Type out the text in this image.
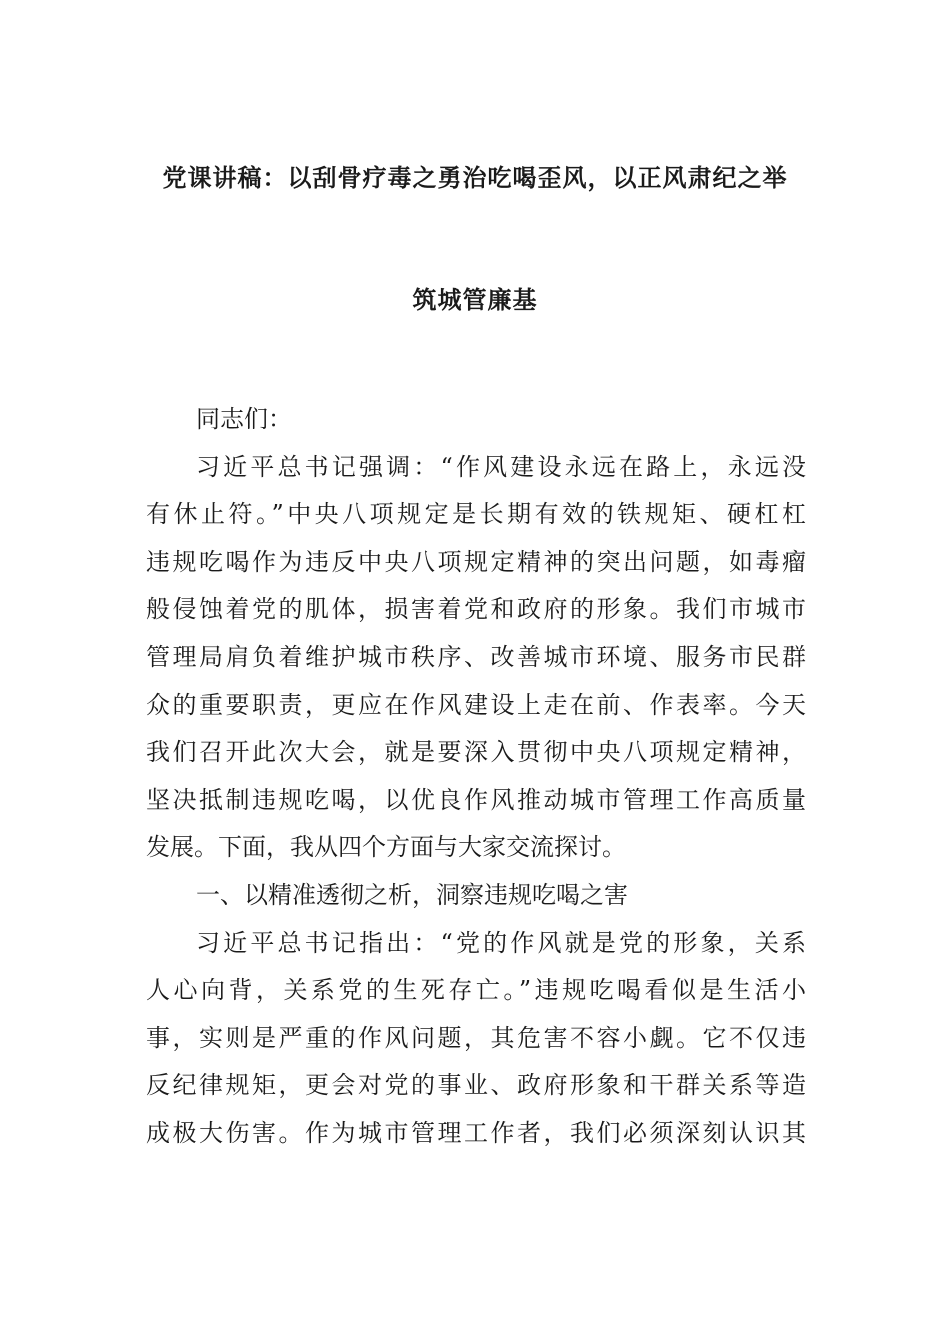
党课讲稿：以刮骨疗毒之勇治吃喝歪风，以正风肃纪之举
筑城管廉基
同志们：
习近平总书记强调：“作风建设永远在路上，永远没
有休止符。”中央八项规定是长期有效的铁规矩、硬杠杠
违规吃喝作为违反中央八项规定精神的突出问题，如毒瘤
般侵蚀着党的肌体，损害着党和政府的形象。我们市城市
管理局肩负着维护城市秩序、改善城市环境、服务市民群
众的重要职责，更应在作风建设上走在前、作表率。今天
我们召开此次大会，就是要深入贯彻中央八项规定精神，
坚决抵制违规吃喝，以优良作风推动城市管理工作高质量
发展。下面，我从四个方面与大家交流探讨。
一、以精准透彻之析，洞察违规吃喝之害
习近平总书记指出：“党的作风就是党的形象，关系
人心向背，关系党的生死存亡。”违规吃喝看似是生活小
事，实则是严重的作风问题，其危害不容小觑。它不仅违
反纪律规矩，更会对党的事业、政府形象和干群关系等造
成极大伤害。作为城市管理工作者，我们必须深刻认识其
